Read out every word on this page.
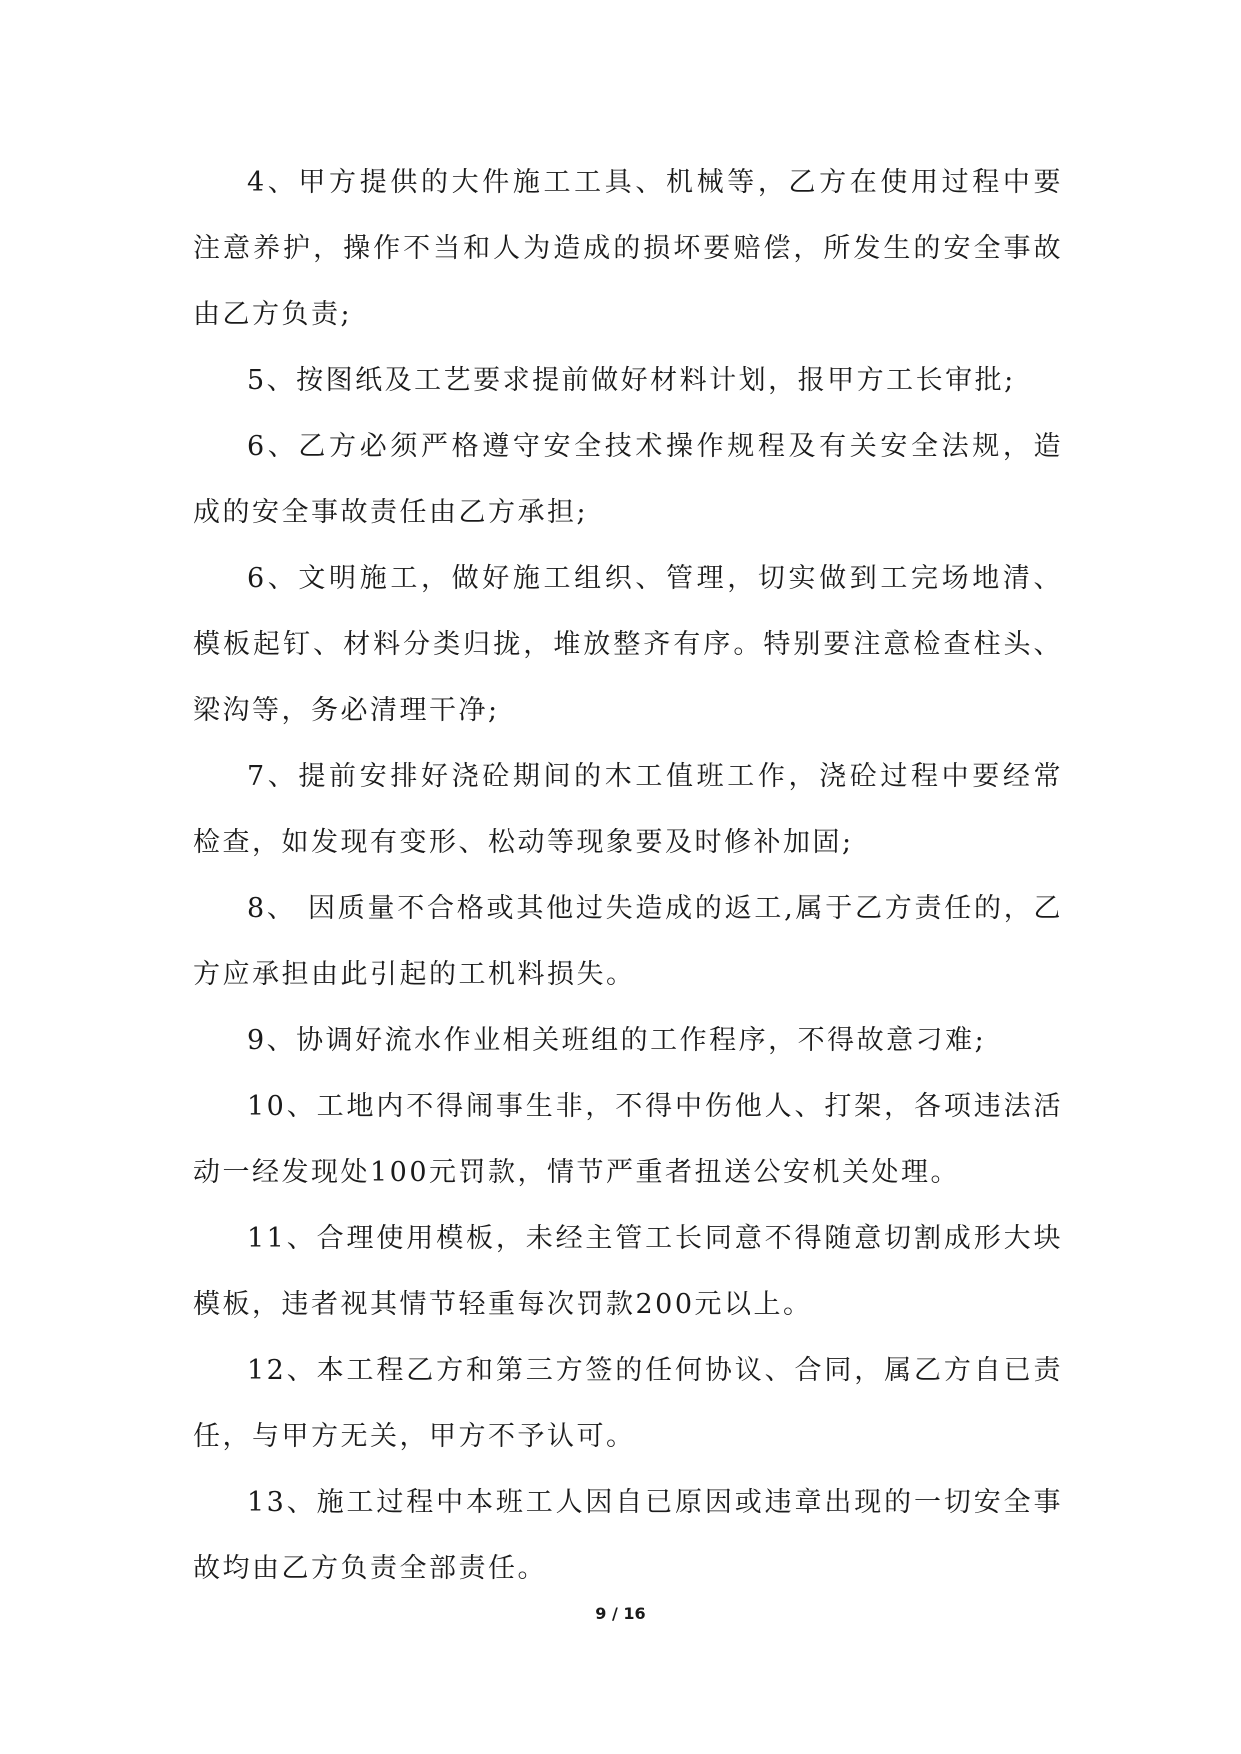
4、甲方提供的大件施工工具、机械等，乙方在使用过程中要注意养护，操作不当和人为造成的损坏要赔偿，所发生的安全事故由乙方负责;

5、按图纸及工艺要求提前做好材料计划，报甲方工长审批;

6、乙方必须严格遵守安全技术操作规程及有关安全法规，造成的安全事故责任由乙方承担;

6、文明施工，做好施工组织、管理，切实做到工完场地清、模板起钉、材料分类归拢，堆放整齐有序。特别要注意检查柱头、梁沟等，务必清理干净;

7、提前安排好浇砼期间的木工值班工作，浇砼过程中要经常检查，如发现有变形、松动等现象要及时修补加固;

8、 因质量不合格或其他过失造成的返工,属于乙方责任的，乙方应承担由此引起的工机料损失。

9、协调好流水作业相关班组的工作程序，不得故意刁难;

10、工地内不得闹事生非，不得中伤他人、打架，各项违法活动一经发现处100元罚款，情节严重者扭送公安机关处理。

11、合理使用模板，未经主管工长同意不得随意切割成形大块模板，违者视其情节轻重每次罚款200元以上。

12、本工程乙方和第三方签的任何协议、合同，属乙方自已责任，与甲方无关，甲方不予认可。

13、施工过程中本班工人因自已原因或违章出现的一切安全事故均由乙方负责全部责任。

9 / 16
